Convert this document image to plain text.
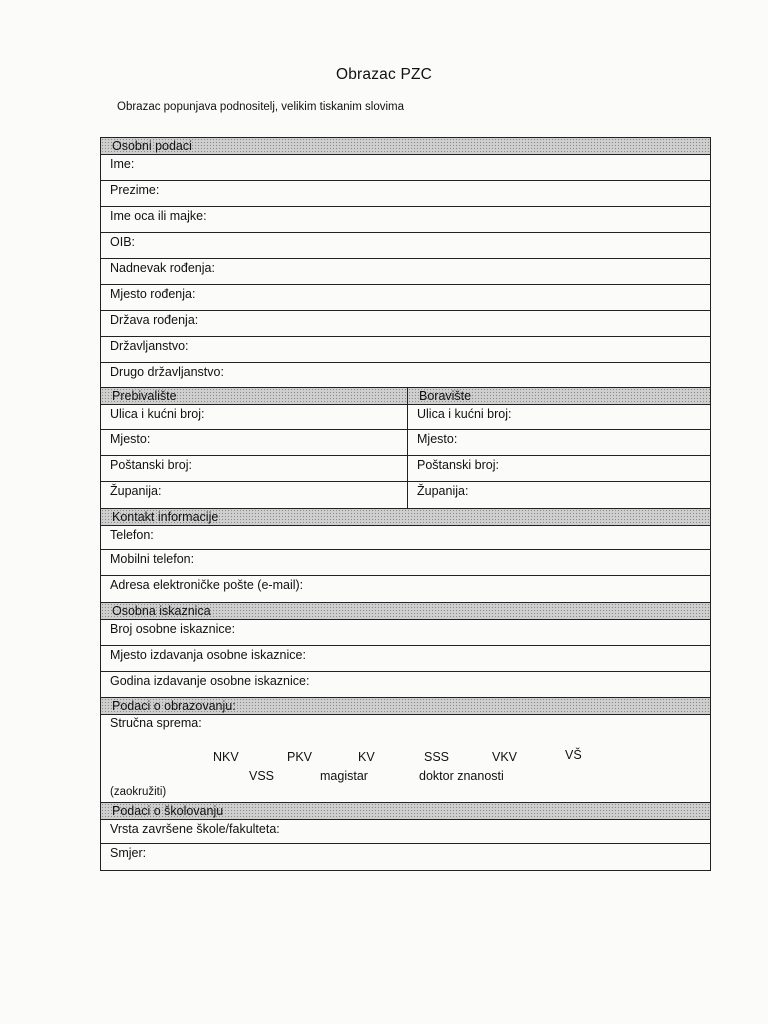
Obrazac PZC
Obrazac popunjava podnositelj, velikim tiskanim slovima
Osobni podaci
Ime:
Prezime:
Ime oca ili majke:
OIB:
Nadnevak rođenja:
Mjesto rođenja:
Država rođenja:
Državljanstvo:
Drugo državljanstvo:
Prebivalište
Ulica i kućni broj:
Mjesto:
Poštanski broj:
Županija:
Boravište
Ulica i kućni broj:
Mjesto:
Poštanski broj:
Županija:
Kontakt informacije
Telefon:
Mobilni telefon:
Adresa elektroničke pošte (e-mail):
Osobna iskaznica
Broj osobne iskaznice:
Mjesto izdavanja osobne iskaznice:
Godina izdavanje osobne iskaznice:
Podaci o obrazovanju:
Stručna sprema:
NKV	PKV	KV	SSS	VKV	VŠ
VSS	magistar	doktor znanosti
(zaokružiti)
Podaci o školovanju
Vrsta završene škole/fakulteta:
Smjer:
